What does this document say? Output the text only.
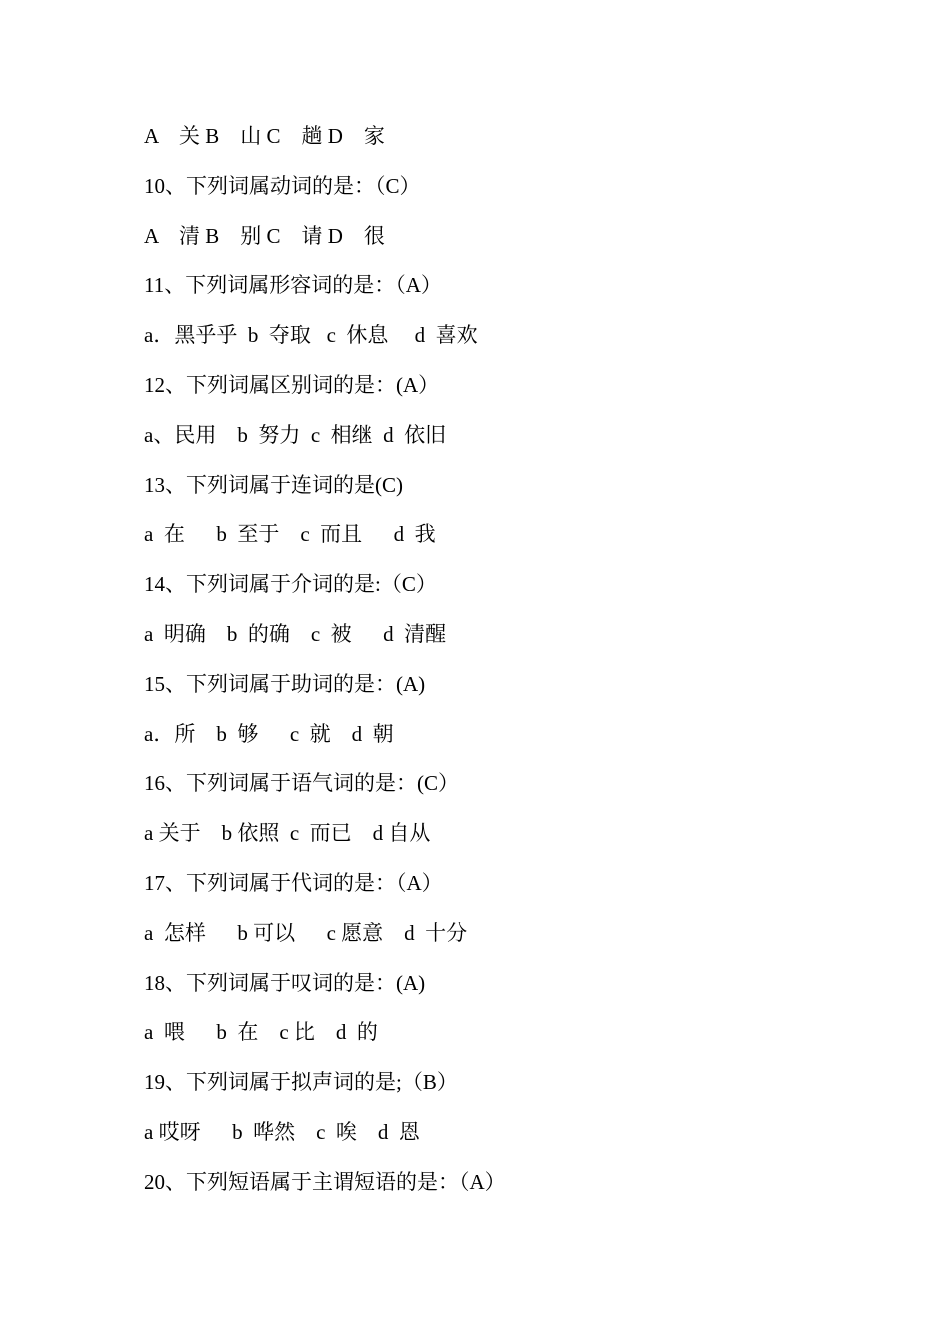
A　关 B　山 C　趟 D　家
10、下列词属动词的是：（C）
A　清 B　别 C　请 D　很
11、下列词属形容词的是：（A）
a．黑乎乎  b  夺取   c  休息     d  喜欢
12、下列词属区别词的是：(A）
a、民用    b  努力  c  相继  d  依旧
13、下列词属于连词的是(C)
a  在      b  至于    c  而且      d  我
14、下列词属于介词的是:（C）
a  明确    b  的确    c  被      d  清醒
15、下列词属于助词的是：(A)
a．所    b  够      c  就    d  朝
16、下列词属于语气词的是：(C）
a 关于    b 依照  c  而已    d 自从
17、下列词属于代词的是：（A）
a  怎样      b 可以      c 愿意    d  十分
18、下列词属于叹词的是：(A)
a  喂      b  在    c 比    d  的
19、下列词属于拟声词的是;（B）
a 哎呀      b  哗然    c  唉    d  恩
20、下列短语属于主谓短语的是：（A）
